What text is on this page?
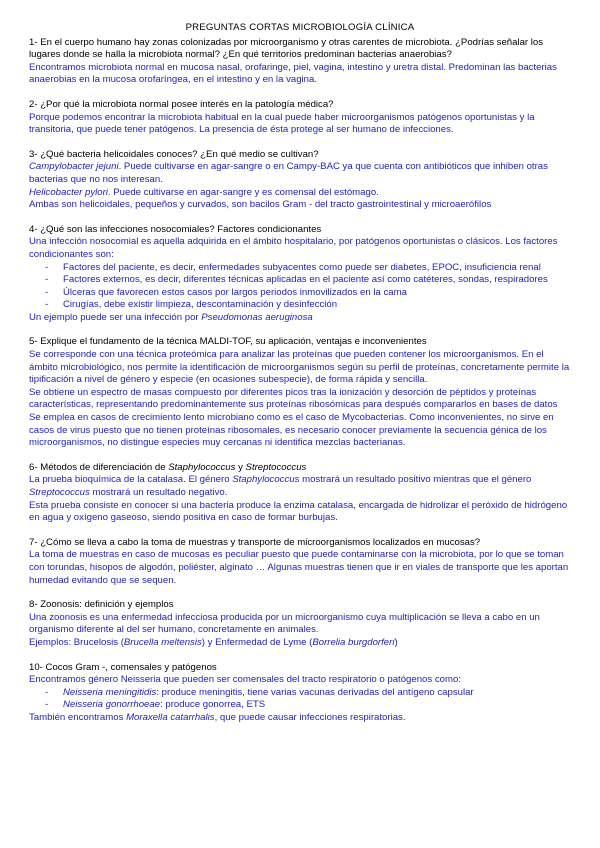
PREGUNTAS CORTAS MICROBIOLOGÍA CLÍNICA
1- En el cuerpo humano hay zonas colonizadas por microorganismo y otras carentes de microbiota. ¿Podrías señalar los lugares donde se halla la microbiota normal? ¿En qué territorios predominan bacterias anaerobias?
Encontramos microbiota normal en mucosa nasal, orofaringe, piel, vagina, intestino y uretra distal. Predominan las bacterias anaerobias en la mucosa orofaríngea, en el intestino y en la vagina.
2- ¿Por qué la microbiota normal posee interés en la patología médica?
Porque podemos encontrar la microbiota habitual en la cual puede haber microorganismos patógenos oportunistas y la transitoria, que puede tener patógenos. La presencia de ésta protege al ser humano de infecciones.
3- ¿Qué bacteria helicoidales conoces? ¿En qué medio se cultivan?
Campylobacter jejuni. Puede cultivarse en agar-sangre o en Campy-BAC ya que cuenta con antibióticos que inhiben otras bacterias que no nos interesan.
Helicobacter pylori. Puede cultivarse en agar-sangre y es comensal del estómago.
Ambas son helicoidales, pequeños y curvados, son bacilos Gram - del tracto gastrointestinal y microaerófilos
4- ¿Qué son las infecciones nosocomiales? Factores condicionantes
Una infección nosocomial es aquella adquirida en el ámbito hospitalario, por patógenos oportunistas o clásicos. Los factores condicionantes son:
- Factores del paciente, es decir, enfermedades subyacentes como puede ser diabetes, EPOC, insuficiencia renal
- Factores externos, es decir, diferentes técnicas aplicadas en el paciente así como catéteres, sondas, respiradores
- Úlceras que favorecen estos casos por largos periodos inmovilizados en la cama
- Cirugías, debe existir limpieza, descontaminación y desinfección
Un ejemplo puede ser una infección por Pseudomonas aeruginosa
5- Explique el fundamento de la técnica MALDI-TOF, su aplicación, ventajas e inconvenientes
Se corresponde con una técnica proteómica para analizar las proteínas que pueden contener los microorganismos. En el ámbito microbiológico, nos permite la identificación de microorganismos según su perfil de proteínas, concretamente permite la tipificación a nivel de género y especie (en ocasiones subespecie), de forma rápida y sencilla.
Se obtiene un espectro de masas compuesto por diferentes picos tras la ionización y desorción de péptidos y proteínas características, representando predominantemente sus proteínas ribosómicas para después compararlos en bases de datos
Se emplea en casos de crecimiento lento microbiano como es el caso de Mycobacterias. Como inconvenientes, no sirve en casos de virus puesto que no tienen proteínas ribosomales, es necesario conocer previamente la secuencia génica de los microorganismos, no distingue especies muy cercanas ni identifica mezclas bacterianas.
6- Métodos de diferenciación de Staphylococcus y Streptococcus
La prueba bioquímica de la catalasa. El género Staphylococcus mostrará un resultado positivo mientras que el género Streptococcus mostrará un resultado negativo.
Esta prueba consiste en conocer si una bacteria produce la enzima catalasa, encargada de hidrolizar el peróxido de hidrógeno en agua y oxígeno gaseoso, siendo positiva en caso de formar burbujas.
7- ¿Cómo se lleva a cabo la toma de muestras y transporte de microorganismos localizados en mucosas?
La toma de muestras en caso de mucosas es peculiar puesto que puede contaminarse con la microbiota, por lo que se toman con torundas, hisopos de algodón, poliéster, alginato … Algunas muestras tienen que ir en viales de transporte que les aportan humedad evitando que se sequen.
8- Zoonosis: definición y ejemplos
Una zoonosis es una enfermedad infecciosa producida por un microorganismo cuya multiplicación se lleva a cabo en un organismo diferente al del ser humano, concretamente en animales.
Ejemplos: Brucelosis (Brucella meltensis) y Enfermedad de Lyme (Borrelia burgdorferi)
10- Cocos Gram -, comensales y patógenos
Encontramos género Neisseria que pueden ser comensales del tracto respiratorio o patógenos como:
- Neisseria meningitidis: produce meningitis, tiene varias vacunas derivadas del antígeno capsular
- Neisseria gonorrhoeae: produce gonorrea, ETS
También encontramos Moraxella catarrhalis, que puede causar infecciones respiratorias.
